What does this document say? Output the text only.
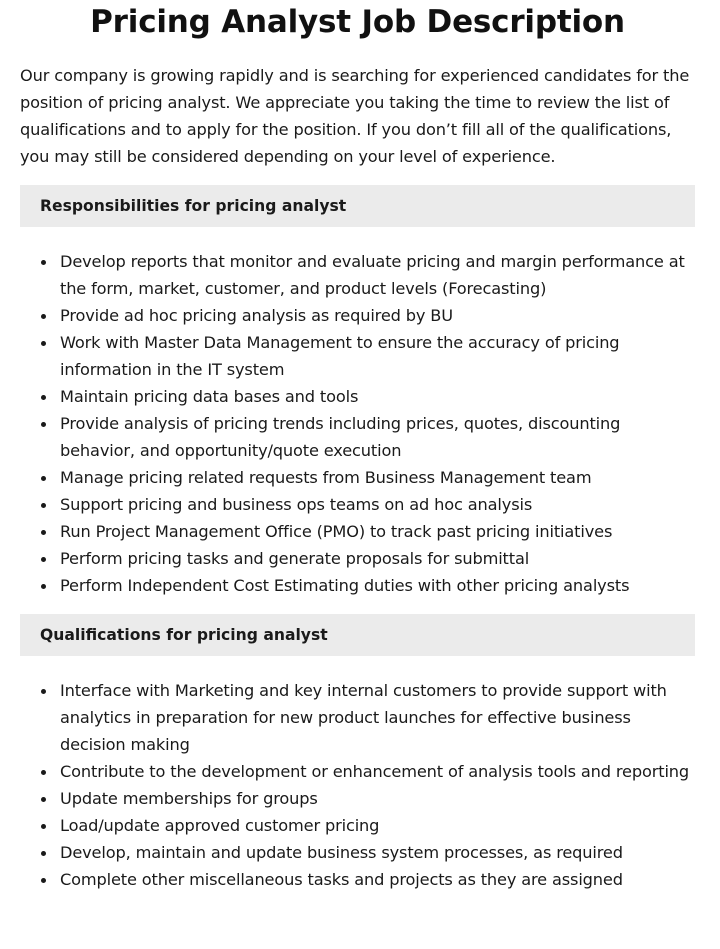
Pricing Analyst Job Description

Our company is growing rapidly and is searching for experienced candidates for the position of pricing analyst. We appreciate you taking the time to review the list of qualifications and to apply for the position. If you don’t fill all of the qualifications, you may still be considered depending on your level of experience.

Responsibilities for pricing analyst
Develop reports that monitor and evaluate pricing and margin performance at the form, market, customer, and product levels (Forecasting)
Provide ad hoc pricing analysis as required by BU
Work with Master Data Management to ensure the accuracy of pricing information in the IT system
Maintain pricing data bases and tools
Provide analysis of pricing trends including prices, quotes, discounting behavior, and opportunity/quote execution
Manage pricing related requests from Business Management team
Support pricing and business ops teams on ad hoc analysis
Run Project Management Office (PMO) to track past pricing initiatives
Perform pricing tasks and generate proposals for submittal
Perform Independent Cost Estimating duties with other pricing analysts
Qualifications for pricing analyst
Interface with Marketing and key internal customers to provide support with analytics in preparation for new product launches for effective business decision making
Contribute to the development or enhancement of analysis tools and reporting
Update memberships for groups
Load/update approved customer pricing
Develop, maintain and update business system processes, as required
Complete other miscellaneous tasks and projects as they are assigned
